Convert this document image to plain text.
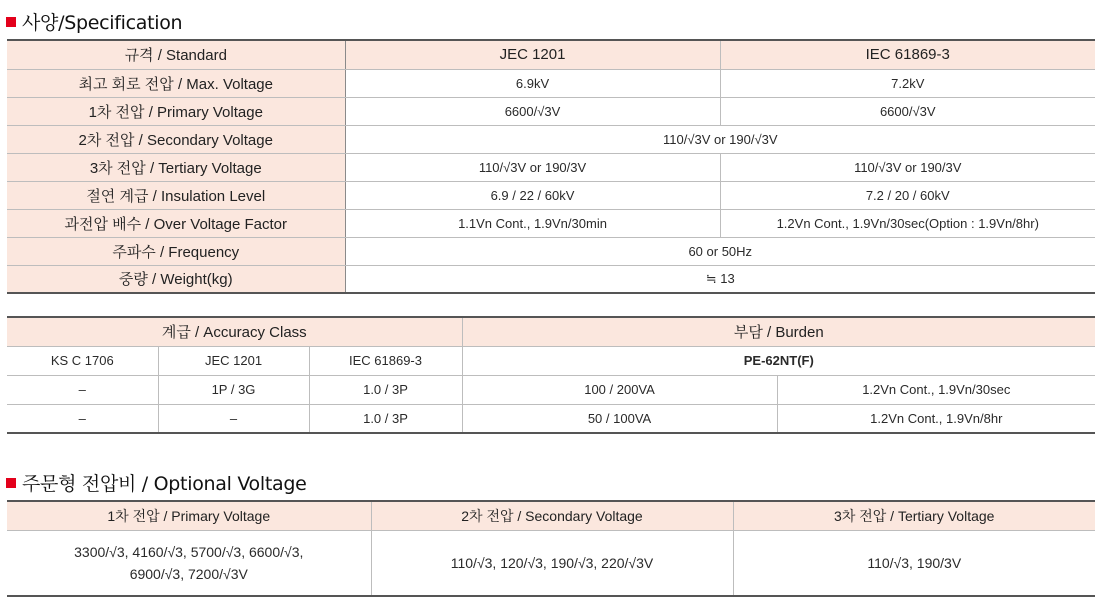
사양/Specification
규격 / Standard	JEC 1201	IEC 61869-3
최고 회로 전압 / Max. Voltage	6.9kV	7.2kV
1차 전압 / Primary Voltage	6600/√3V	6600/√3V
2차 전압 / Secondary Voltage	110/√3V or 190/√3V	
3차 전압 / Tertiary Voltage	110/√3V or 190/3V	110/√3V or 190/3V
절연 계급 / Insulation Level	6.9 / 22 / 60kV	7.2 / 20 / 60kV
과전압 배수 / Over Voltage Factor	1.1Vn Cont., 1.9Vn/30min	1.2Vn Cont., 1.9Vn/30sec(Option : 1.9Vn/8hr)
주파수 / Frequency	60 or 50Hz	
중량 / Weight(kg)	≒ 13	
계급 / Accuracy Class			부담 / Burden	
KS C 1706	JEC 1201	IEC 61869-3	PE-62NT(F)	
–	1P / 3G	1.0 / 3P	100 / 200VA	1.2Vn Cont., 1.9Vn/30sec
–	–	1.0 / 3P	50 / 100VA	1.2Vn Cont., 1.9Vn/8hr
주문형 전압비 / Optional Voltage
1차 전압 / Primary Voltage	2차 전압 / Secondary Voltage	3차 전압 / Tertiary Voltage

3300/√3, 4160/√3, 5700/√3, 6600/√3,
6900/√3, 7200/√3V	110/√3, 120/√3, 190/√3, 220/√3V	110/√3, 190/3V
